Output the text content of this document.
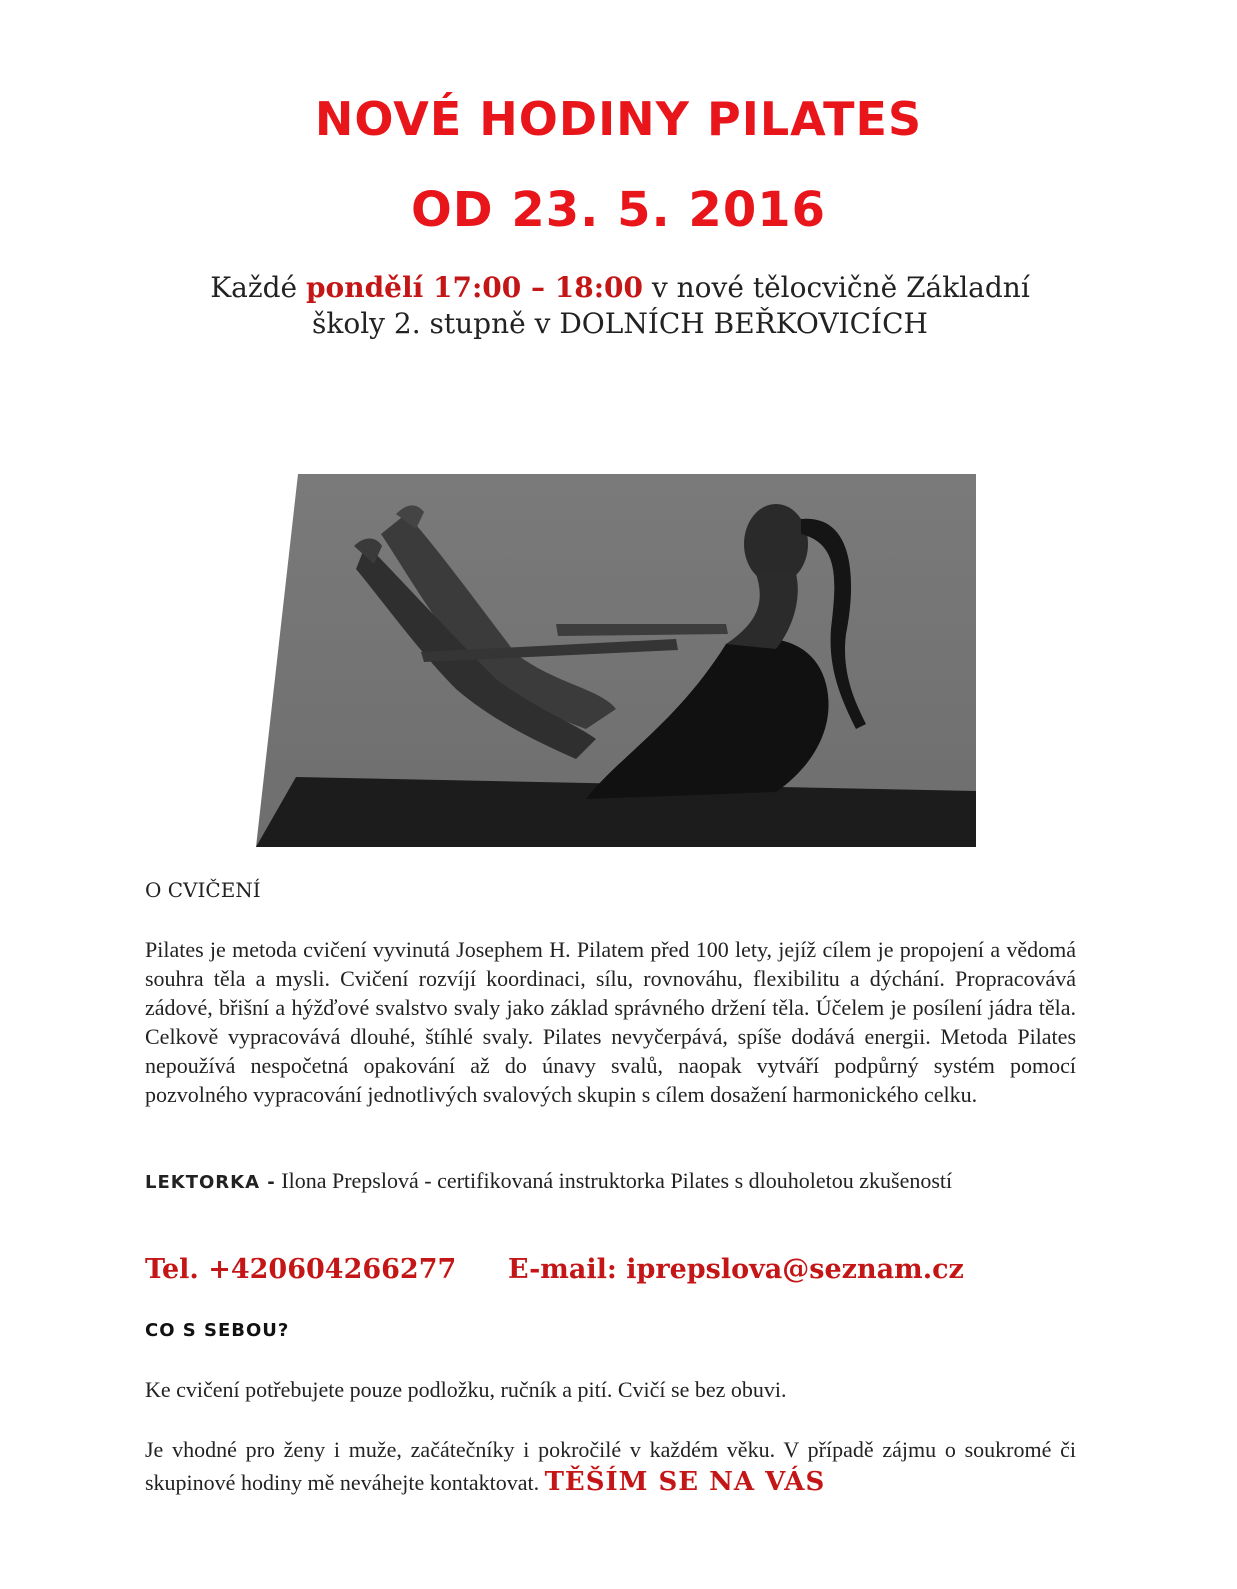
NOVÉ HODINY PILATES
OD 23. 5. 2016
Každé pondělí 17:00 – 18:00 v nové tělocvičně Základní
školy 2. stupně v DOLNÍCH BEŘKOVICÍCH
O CVIČENÍ
Pilates je metoda cvičení vyvinutá Josephem H. Pilatem před 100 lety, jejíž cílem je propojení a vědomá souhra těla a mysli. Cvičení rozvíjí koordinaci, sílu, rovnováhu, flexibilitu a dýchání. Propracovává zádové, břišní a hýžďové svalstvo svaly jako základ správného držení těla. Účelem je posílení jádra těla. Celkově vypracovává dlouhé, štíhlé svaly. Pilates nevyčerpává, spíše dodává energii. Metoda Pilates nepoužívá nespočetná opakování až do únavy svalů, naopak vytváří podpůrný systém pomocí pozvolného vypracování jednotlivých svalových skupin s cílem dosažení harmonického celku.
LEKTORKA - Ilona Prepslová - certifikovaná instruktorka Pilates s dlouholetou zkušeností
Tel. +420604266277 E-mail: iprepslova@seznam.cz
CO S SEBOU?
Ke cvičení potřebujete pouze podložku, ručník a pití. Cvičí se bez obuvi.
Je vhodné pro ženy i muže, začátečníky i pokročilé v každém věku. V případě zájmu o soukromé či skupinové hodiny mě neváhejte kontaktovat. TĚŠÍM SE NA VÁS
